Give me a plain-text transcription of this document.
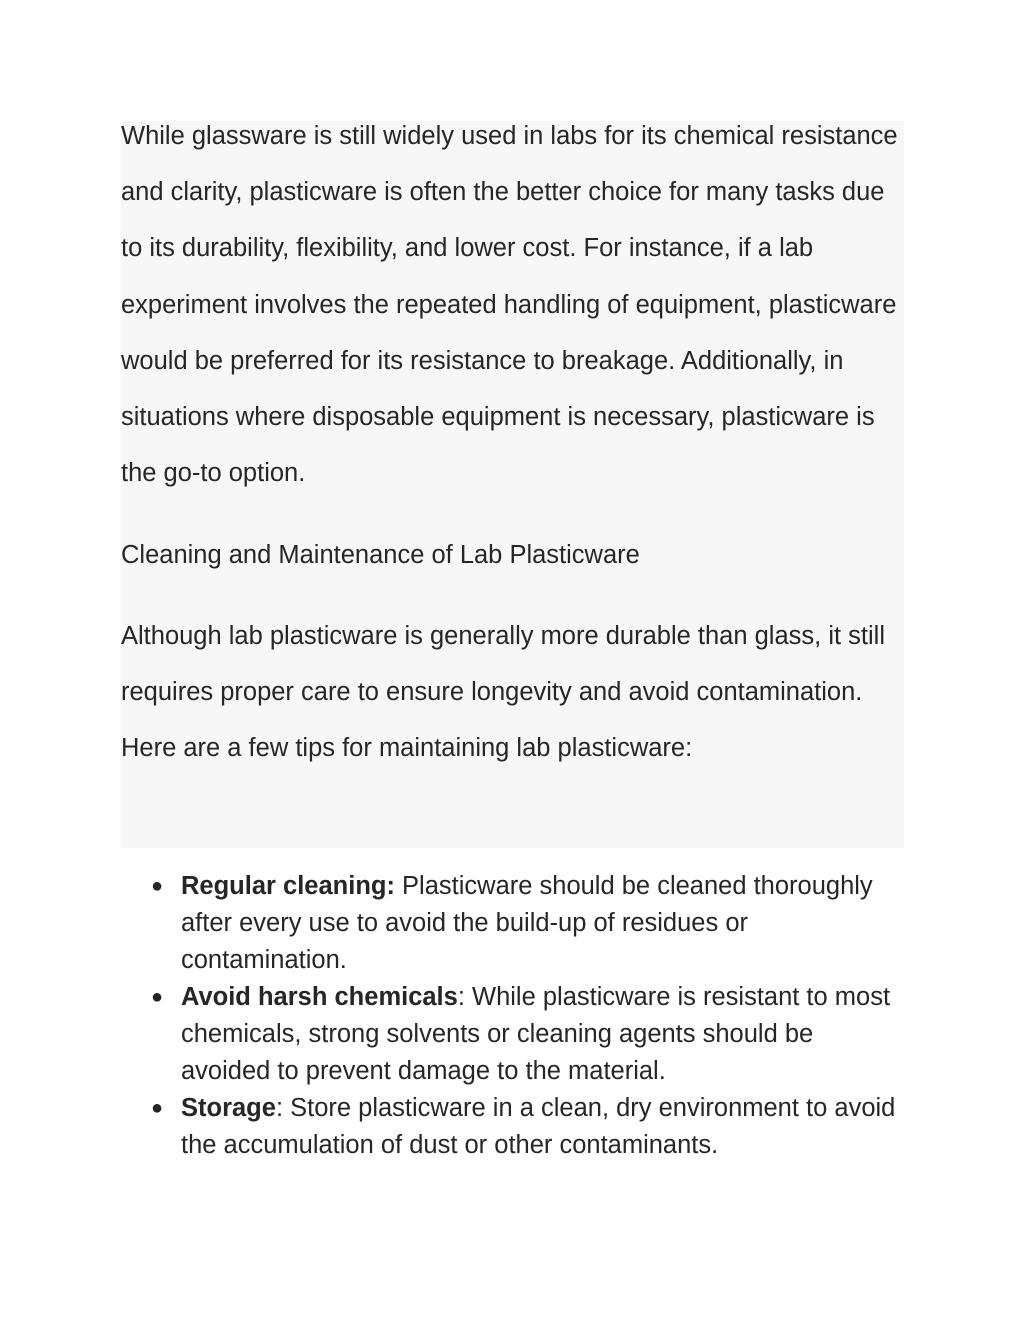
While glassware is still widely used in labs for its chemical resistance and clarity, plasticware is often the better choice for many tasks due to its durability, flexibility, and lower cost. For instance, if a lab experiment involves the repeated handling of equipment, plasticware would be preferred for its resistance to breakage. Additionally, in situations where disposable equipment is necessary, plasticware is the go-to option.

Cleaning and Maintenance of Lab Plasticware

Although lab plasticware is generally more durable than glass, it still requires proper care to ensure longevity and avoid contamination. Here are a few tips for maintaining lab plasticware:

● Regular cleaning: Plasticware should be cleaned thoroughly after every use to avoid the build-up of residues or contamination.
● Avoid harsh chemicals: While plasticware is resistant to most chemicals, strong solvents or cleaning agents should be avoided to prevent damage to the material.
● Storage: Store plasticware in a clean, dry environment to avoid the accumulation of dust or other contaminants.
